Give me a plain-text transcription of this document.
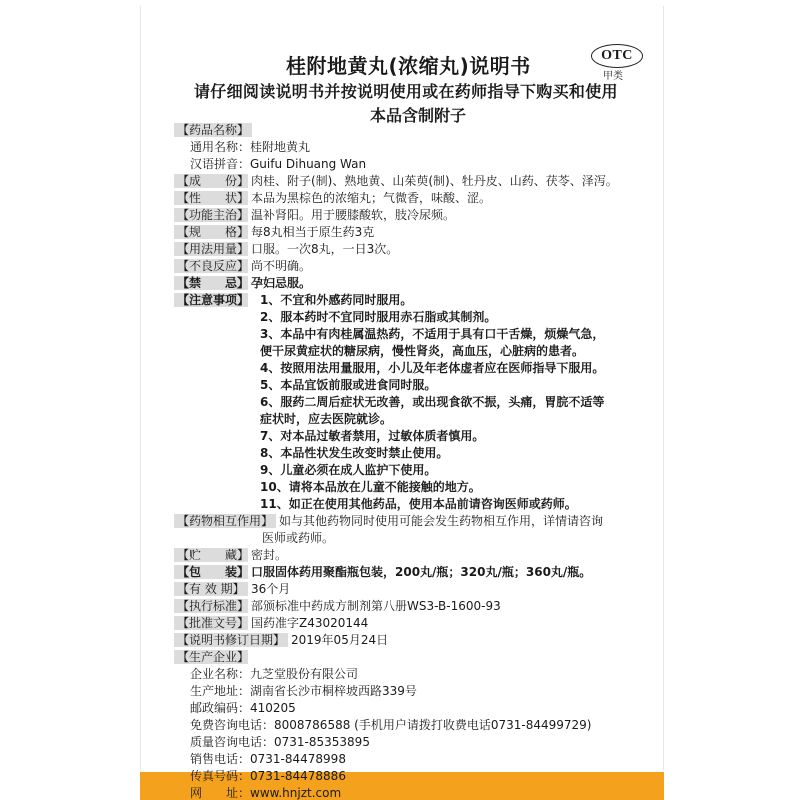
OTC
甲类
桂附地黄丸(浓缩丸)说明书
请仔细阅读说明书并按说明使用或在药师指导下购买和使用
本品含制附子
【药品名称】
通用名称：桂附地黄丸
汉语拼音：Guifu Dihuang Wan
【成　　份】 肉桂、附子(制)、熟地黄、山茱萸(制)、牡丹皮、山药、茯苓、泽泻。
【性　　状】 本品为黑棕色的浓缩丸；气微香，味酸、涩。
【功能主治】 温补肾阳。用于腰膝酸软，肢冷尿频。
【规　　格】 每8丸相当于原生药3克
【用法用量】 口服。一次8丸，一日3次。
【不良反应】 尚不明确。
【禁　　忌】 孕妇忌服。
【注意事项】 1、不宜和外感药同时服用。
2、服本药时不宜同时服用赤石脂或其制剂。
3、本品中有肉桂属温热药，不适用于具有口干舌燥，烦燥气急，
便干尿黄症状的糖尿病，慢性肾炎，高血压，心脏病的患者。
4、按照用法用量服用，小儿及年老体虚者应在医师指导下服用。
5、本品宜饭前服或进食同时服。
6、服药二周后症状无改善，或出现食欲不振，头痛，胃脘不适等
症状时，应去医院就诊。
7、对本品过敏者禁用，过敏体质者慎用。
8、本品性状发生改变时禁止使用。
9、儿童必须在成人监护下使用。
10、请将本品放在儿童不能接触的地方。
11、如正在使用其他药品，使用本品前请咨询医师或药师。
【药物相互作用】 如与其他药物同时使用可能会发生药物相互作用，详情请咨询
医师或药师。
【贮　　藏】 密封。
【包　　装】 口服固体药用聚酯瓶包装，200丸/瓶；320丸/瓶；360丸/瓶。
【有 效 期】 36个月
【执行标准】 部颁标准中药成方制剂第八册WS3-B-1600-93
【批准文号】 国药准字Z43020144
【说明书修订日期】 2019年05月24日
【生产企业】
企业名称：九芝堂股份有限公司
生产地址：湖南省长沙市桐梓坡西路339号
邮政编码：410205
免费咨询电话：8008786588 (手机用户请拨打收费电话0731-84499729)
质量咨询电话：0731-85353895
销售电话：0731-84478998
传真号码：0731-84478886
网　　址：www.hnjzt.com
